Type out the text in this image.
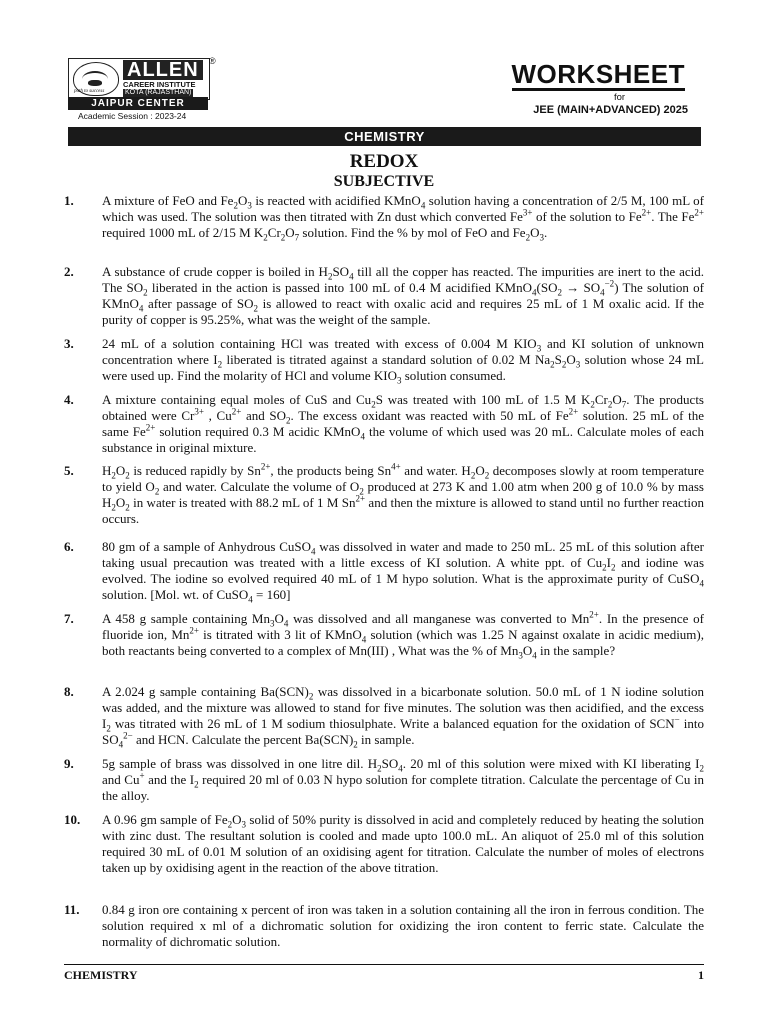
ALLEN
CAREER INSTITUTE
KOTA (RAJASTHAN)
path to success
®
JAIPUR CENTER
Academic Session : 2023-24
WORKSHEET
for
JEE (MAIN+ADVANCED) 2025
CHEMISTRY
REDOX
SUBJECTIVE
1. A mixture of FeO and $Fe_2O_3$ is reacted with acidified KMnO$_4$ solution having a concentration of 2/5 M, 100 mL of which was used. The solution was then titrated with Zn dust which converted $Fe^{3+}$ of the solution to $Fe^{2+}$. The $Fe^{2+}$ required 1000 mL of 2/15 M $K_2Cr_2O_7$ solution. Find the % by mol of FeO and $Fe_2O_3$.
2. A substance of crude copper is boiled in $H_2SO_4$ till all the copper has reacted. The impurities are inert to the acid. The $SO_2$ liberated in the action is passed into 100 mL of 0.4 M acidified $KMnO_4(SO_2 \to SO_4^{-2})$ The solution of KMnO$_4$ after passage of $SO_2$ is allowed to react with oxalic acid and requires 25 mL of 1 M oxalic acid. If the purity of copper is 95.25%, what was the weight of the sample.
3. 24 mL of a solution containing HCl was treated with excess of 0.004 M $KIO_3$ and KI solution of unknown concentration where $I_2$ liberated is titrated against a standard solution of 0.02 M $Na_2S_2O_3$ solution whose 24 mL were used up. Find the molarity of HCl and volume $KIO_3$ solution consumed.
4. A mixture containing equal moles of CuS and $Cu_2S$ was treated with 100 mL of 1.5 M $K_2Cr_2O_7$. The products obtained were $Cr^{3+}$ , $Cu^{2+}$ and $SO_2$. The excess oxidant was reacted with 50 mL of $Fe^{2+}$ solution. 25 mL of the same $Fe^{2+}$ solution required 0.3 M acidic KMnO$_4$ the volume of which used was 20 mL. Calculate moles of each substance in original mixture.
5. $H_2O_2$ is reduced rapidly by $Sn^{2+}$, the products being $Sn^{4+}$ and water. $H_2O_2$ decomposes slowly at room temperature to yield $O_2$ and water. Calculate the volume of $O_2$ produced at 273 K and 1.00 atm when 200 g of 10.0 % by mass $H_2O_2$ in water is treated with 88.2 mL of 1 M $Sn^{2+}$ and then the mixture is allowed to stand until no further reaction occurs.
6. 80 gm of a sample of Anhydrous CuSO$_4$ was dissolved in water and made to 250 mL. 25 mL of this solution after taking usual precaution was treated with a little excess of KI solution. A white ppt. of $Cu_2I_2$ and iodine was evolved. The iodine so evolved required 40 mL of 1 M hypo solution. What is the approximate purity of CuSO$_4$ solution. [Mol. wt. of CuSO$_4$ = 160]
7. A 458 g sample containing $Mn_3O_4$ was dissolved and all manganese was converted to $Mn^{2+}$. In the presence of fluoride ion, $Mn^{2+}$ is titrated with 3 lit of KMnO$_4$ solution (which was 1.25 N against oxalate in acidic medium), both reactants being converted to a complex of Mn(III) , What was the % of $Mn_3O_4$ in the sample?
8. A 2.024 g sample containing $Ba(SCN)_2$ was dissolved in a bicarbonate solution. 50.0 mL of 1 N iodine solution was added, and the mixture was allowed to stand for five minutes. The solution was then acidified, and the excess $I_2$ was titrated with 26 mL of 1 M sodium thiosulphate. Write a balanced equation for the oxidation of SCN− into $SO_4^{2-}$ and HCN. Calculate the percent $Ba(SCN)_2$ in sample.
9. 5g sample of brass was dissolved in one litre dil. $H_2SO_4$. 20 ml of this solution were mixed with KI liberating $I_2$ and Cu+ and the $I_2$ required 20 ml of 0.03 N hypo solution for complete titration. Calculate the percentage of Cu in the alloy.
10. A 0.96 gm sample of $Fe_2O_3$ solid of 50% purity is dissolved in acid and completely reduced by heating the solution with zinc dust. The resultant solution is cooled and made upto 100.0 mL. An aliquot of 25.0 ml of this solution required 30 mL of 0.01 M solution of an oxidising agent for titration. Calculate the number of moles of electrons taken up by oxidising agent in the reaction of the above titration.
11. 0.84 g iron ore containing x percent of iron was taken in a solution containing all the iron in ferrous condition. The solution required x ml of a dichromatic solution for oxidizing the iron content to ferric state. Calculate the normality of dichromatic solution.
CHEMISTRY	1
